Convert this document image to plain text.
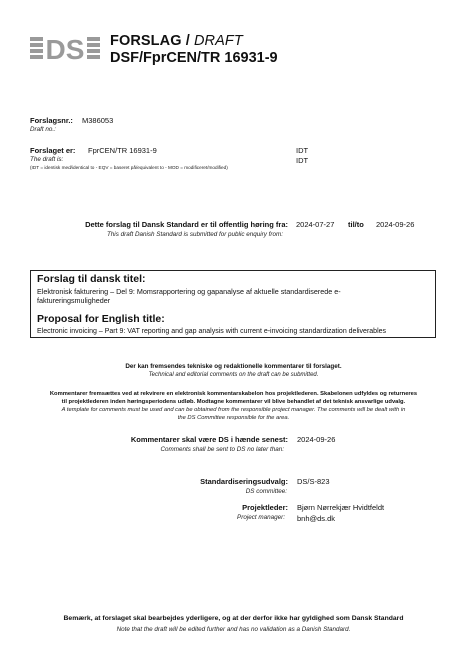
DS FORSLAG / DRAFT
DSF/FprCEN/TR 16931-9
Forslagsnr.:
Draft no.:
M386053
Forslaget er:
The draft is:
(IDT = identisk med/identical to - EQV = baseret på/equivalent to - MOD = modificeret/modified)
FprCEN/TR 16931-9	IDT
IDT
Dette forslag til Dansk Standard er til offentlig høring fra:
This draft Danish Standard is submitted for public enquiry from:
2024-07-27 til/to 2024-09-26
Forslag til dansk titel:
Elektronisk fakturering – Del 9: Momsrapportering og gapanalyse af aktuelle standardiserede e-
faktureringsmuligheder
Proposal for English title:
Electronic invoicing – Part 9: VAT reporting and gap analysis with current e-invoicing standardization deliverables
Der kan fremsendes tekniske og redaktionelle kommentarer til forslaget.
Technical and editorial comments on the draft can be submitted.
Kommentarer fremsættes ved at rekvirere en elektronisk kommentarskabelon hos projektlederen. Skabelonen udfyldes og returneres
til projektlederen inden høringsperiodens udløb. Modtagne kommentarer vil blive behandlet af det teknisk ansvarlige udvalg.
A template for comments must be used and can be obtained from the responsible project manager. The comments will be dealt with in
the DS Committee responsible for the area.
Kommentarer skal være DS i hænde senest:
Comments shall be sent to DS no later than:
2024-09-26
Standardiseringsudvalg:
DS committee:
DS/S-823
Projektleder:
Project manager:
Bjørn Nørrekjær Hvidtfeldt
bnh@ds.dk
Bemærk, at forslaget skal bearbejdes yderligere, og at der derfor ikke har gyldighed som Dansk Standard
Note that the draft will be edited further and has no validation as a Danish Standard.
